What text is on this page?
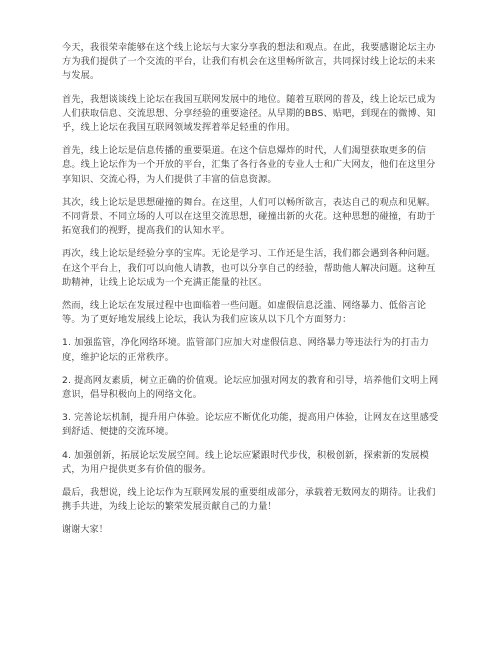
今天，我很荣幸能够在这个线上论坛与大家分享我的想法和观点。在此，我要感谢论坛主办方为我们提供了一个交流的平台，让我们有机会在这里畅所欲言，共同探讨线上论坛的未来与发展。

首先，我想谈谈线上论坛在我国互联网发展中的地位。随着互联网的普及，线上论坛已成为人们获取信息、交流思想、分享经验的重要途径。从早期的BBS、贴吧，到现在的微博、知乎，线上论坛在我国互联网领域发挥着举足轻重的作用。

首先，线上论坛是信息传播的重要渠道。在这个信息爆炸的时代，人们渴望获取更多的信息。线上论坛作为一个开放的平台，汇集了各行各业的专业人士和广大网友，他们在这里分享知识、交流心得，为人们提供了丰富的信息资源。

其次，线上论坛是思想碰撞的舞台。在这里，人们可以畅所欲言，表达自己的观点和见解。不同背景、不同立场的人可以在这里交流思想，碰撞出新的火花。这种思想的碰撞，有助于拓宽我们的视野，提高我们的认知水平。

再次，线上论坛是经验分享的宝库。无论是学习、工作还是生活，我们都会遇到各种问题。在这个平台上，我们可以向他人请教，也可以分享自己的经验，帮助他人解决问题。这种互助精神，让线上论坛成为一个充满正能量的社区。

然而，线上论坛在发展过程中也面临着一些问题。如虚假信息泛滥、网络暴力、低俗言论等。为了更好地发展线上论坛，我认为我们应该从以下几个方面努力：

1. 加强监管，净化网络环境。监管部门应加大对虚假信息、网络暴力等违法行为的打击力度，维护论坛的正常秩序。

2. 提高网友素质，树立正确的价值观。论坛应加强对网友的教育和引导，培养他们文明上网意识，倡导积极向上的网络文化。

3. 完善论坛机制，提升用户体验。论坛应不断优化功能，提高用户体验，让网友在这里感受到舒适、便捷的交流环境。

4. 加强创新，拓展论坛发展空间。线上论坛应紧跟时代步伐，积极创新，探索新的发展模式，为用户提供更多有价值的服务。

最后，我想说，线上论坛作为互联网发展的重要组成部分，承载着无数网友的期待。让我们携手共进，为线上论坛的繁荣发展贡献自己的力量！

谢谢大家！
